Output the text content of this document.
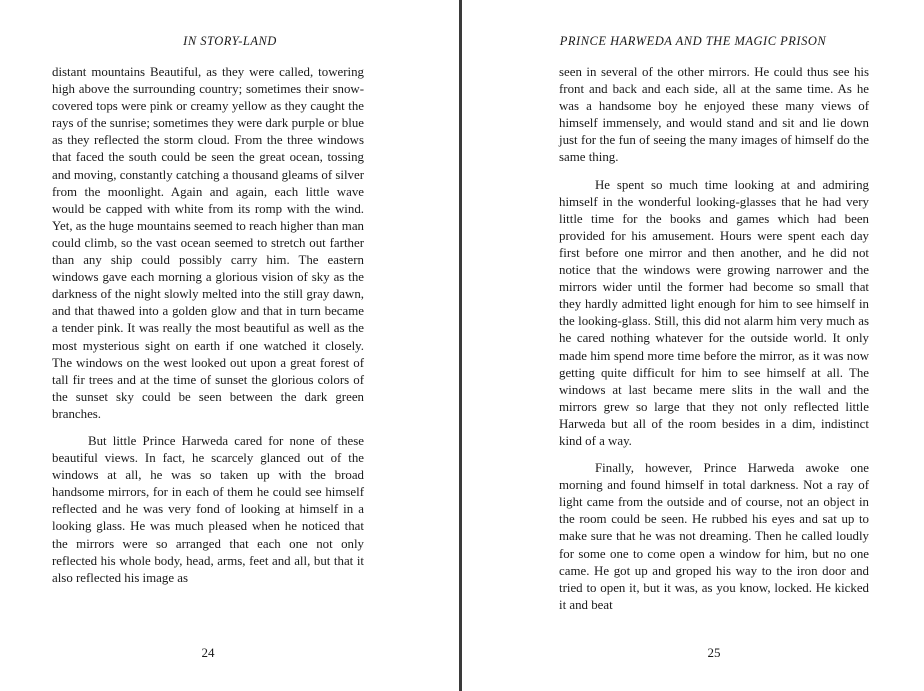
IN STORY-LAND

distant mountains Beautiful, as they were called, towering high above the surrounding country; sometimes their snow-covered tops were pink or creamy yellow as they caught the rays of the sunrise; sometimes they were dark purple or blue as they reflected the storm cloud. From the three windows that faced the south could be seen the great ocean, tossing and moving, constantly catching a thousand gleams of silver from the moonlight. Again and again, each little wave would be capped with white from its romp with the wind. Yet, as the huge mountains seemed to reach higher than man could climb, so the vast ocean seemed to stretch out farther than any ship could possibly carry him. The eastern windows gave each morning a glorious vision of sky as the darkness of the night slowly melted into the still gray dawn, and that thawed into a golden glow and that in turn became a tender pink. It was really the most beautiful as well as the most mysterious sight on earth if one watched it closely. The windows on the west looked out upon a great forest of tall fir trees and at the time of sunset the glorious colors of the sunset sky could be seen between the dark green branches.

But little Prince Harweda cared for none of these beautiful views. In fact, he scarcely glanced out of the windows at all, he was so taken up with the broad handsome mirrors, for in each of them he could see himself reflected and he was very fond of looking at himself in a looking glass. He was much pleased when he noticed that the mirrors were so arranged that each one not only reflected his whole body, head, arms, feet and all, but that it also reflected his image as

24
PRINCE HARWEDA AND THE MAGIC PRISON

seen in several of the other mirrors. He could thus see his front and back and each side, all at the same time. As he was a handsome boy he enjoyed these many views of himself immensely, and would stand and sit and lie down just for the fun of seeing the many images of himself do the same thing.

He spent so much time looking at and admiring himself in the wonderful looking-glasses that he had very little time for the books and games which had been provided for his amusement. Hours were spent each day first before one mirror and then another, and he did not notice that the windows were growing narrower and the mirrors wider until the former had become so small that they hardly admitted light enough for him to see himself in the looking-glass. Still, this did not alarm him very much as he cared nothing whatever for the outside world. It only made him spend more time before the mirror, as it was now getting quite difficult for him to see himself at all. The windows at last became mere slits in the wall and the mirrors grew so large that they not only reflected little Harweda but all of the room besides in a dim, indistinct kind of a way.

Finally, however, Prince Harweda awoke one morning and found himself in total darkness. Not a ray of light came from the outside and of course, not an object in the room could be seen. He rubbed his eyes and sat up to make sure that he was not dreaming. Then he called loudly for some one to come open a window for him, but no one came. He got up and groped his way to the iron door and tried to open it, but it was, as you know, locked. He kicked it and beat

25
